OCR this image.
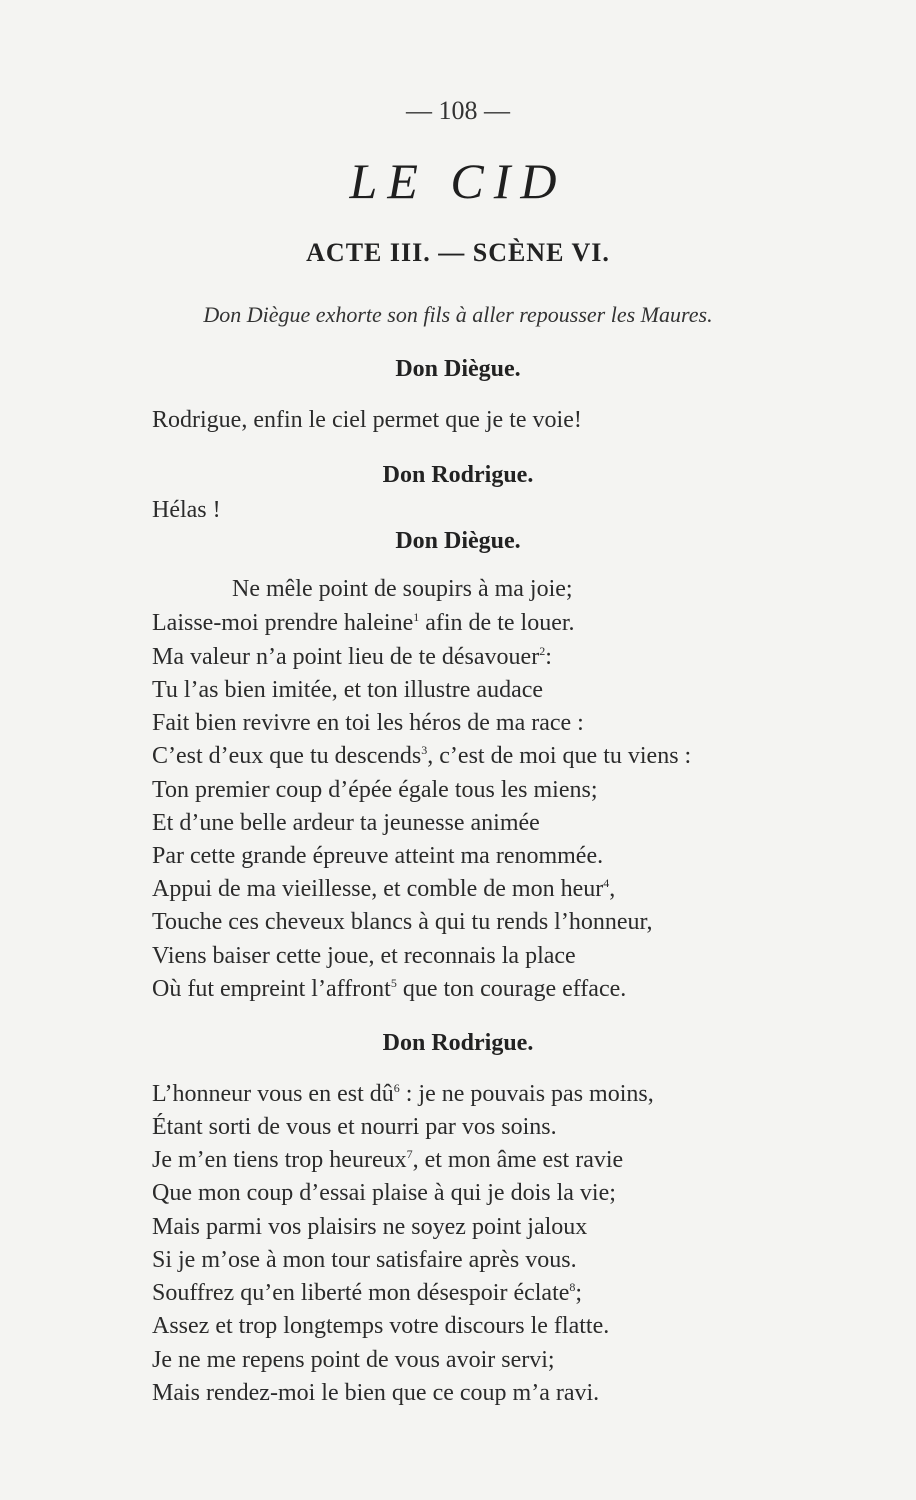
— 108 —
LE CID
ACTE III. — SCÈNE VI.
Don Diègue exhorte son fils à aller repousser les Maures.
Don Diègue.
Rodrigue, enfin le ciel permet que je te voie!
Don Rodrigue.
Hélas !
Don Diègue.
Ne mêle point de soupirs à ma joie;
Laisse-moi prendre haleine$^1$ afin de te louer.
Ma valeur n’a point lieu de te désavouer$^2$:
Tu l’as bien imitée, et ton illustre audace
Fait bien revivre en toi les héros de ma race :
C’est d’eux que tu descends$^3$, c’est de moi que tu viens :
Ton premier coup d’épée égale tous les miens;
Et d’une belle ardeur ta jeunesse animée
Par cette grande épreuve atteint ma renommée.
Appui de ma vieillesse, et comble de mon heur$^4$,
Touche ces cheveux blancs à qui tu rends l’honneur,
Viens baiser cette joue, et reconnais la place
Où fut empreint l’affront$^5$ que ton courage efface.
Don Rodrigue.
L’honneur vous en est $dû^6$ : je ne pouvais pas moins,
Étant sorti de vous et nourri par vos soins.
Je m’en tiens trop heureux$^7$, et mon âme est ravie
Que mon coup d’essai plaise à qui je dois la vie;
Mais parmi vos plaisirs ne soyez point jaloux
Si je m’ose à mon tour satisfaire après vous.
Souffrez qu’en liberté mon désespoir éclate$^8$;
Assez et trop longtemps votre discours le flatte.
Je ne me repens point de vous avoir servi;
Mais rendez-moi le bien que ce coup m’a ravi.
